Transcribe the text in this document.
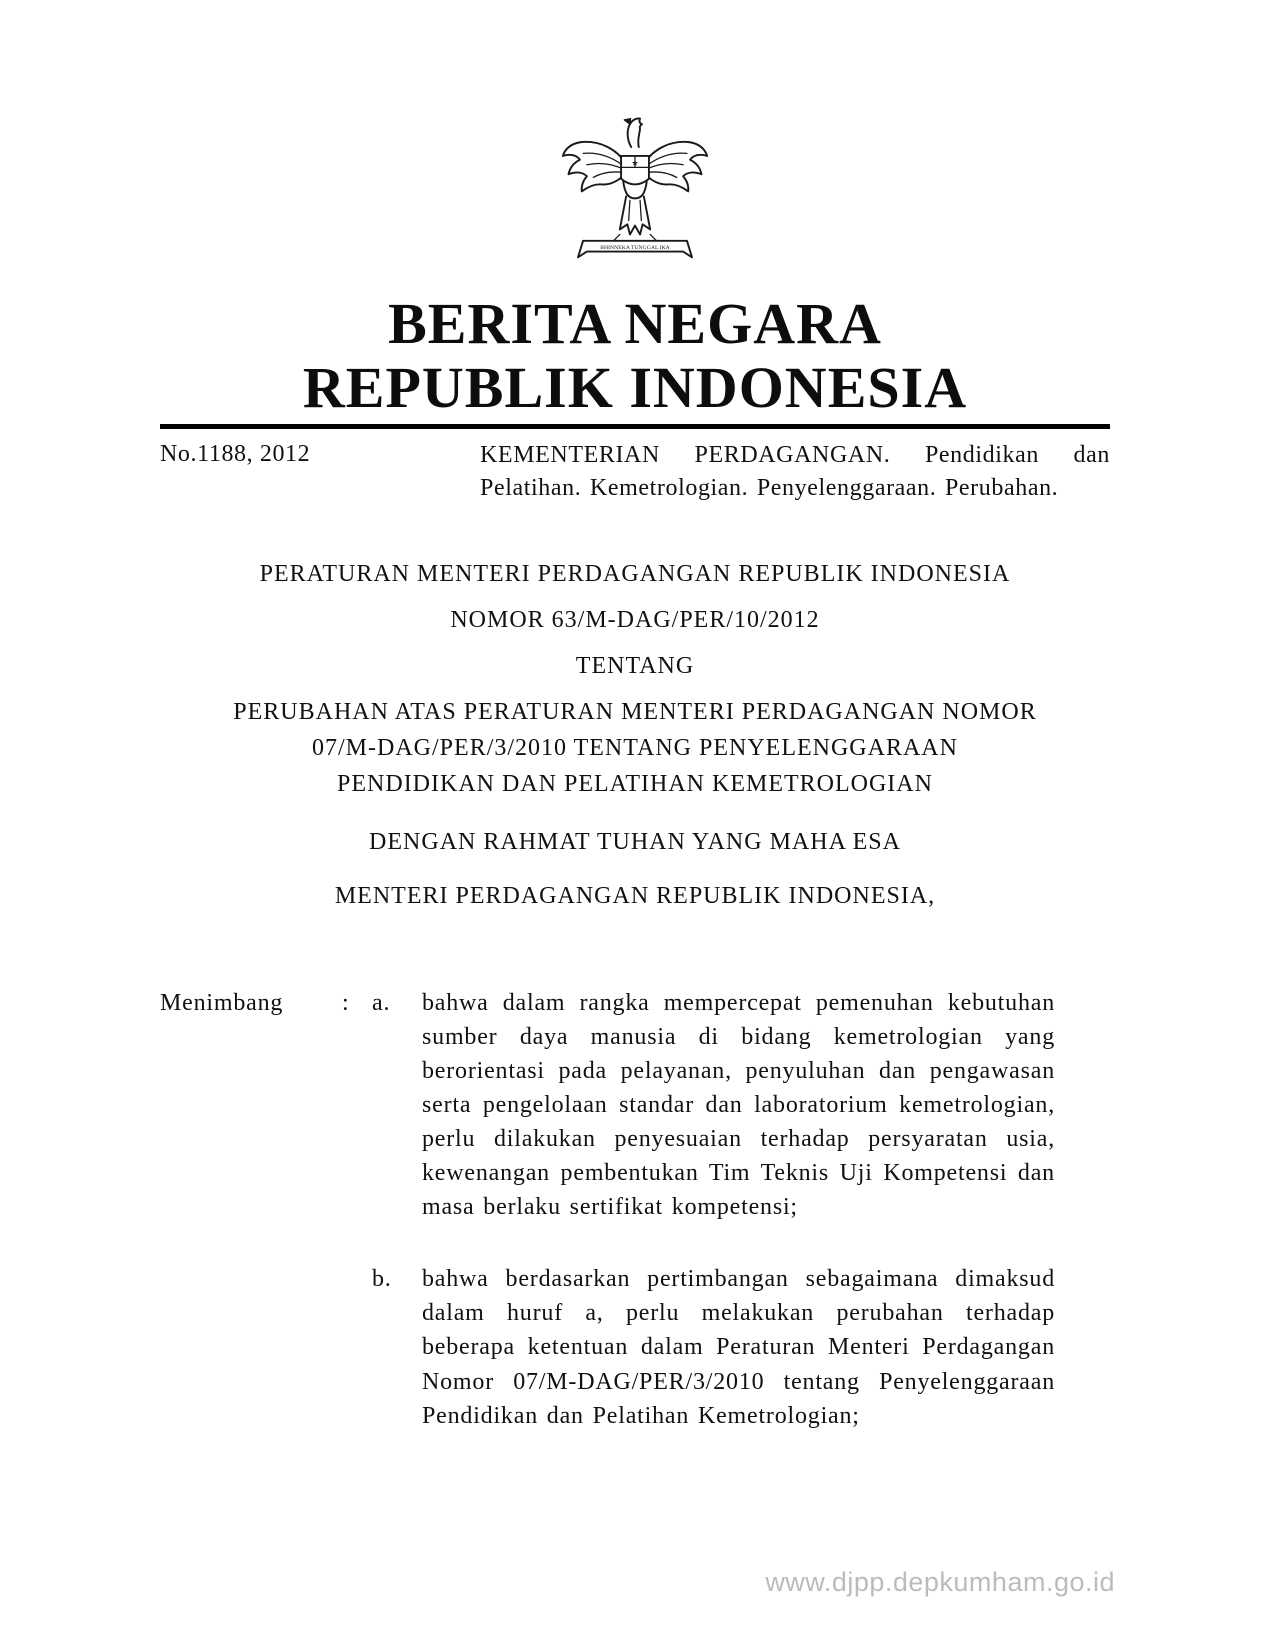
★
BHINNEKA TUNGGAL IKA
BERITA NEGARA
REPUBLIK INDONESIA
No.1188, 2012	KEMENTERIAN PERDAGANGAN. Pendidikan dan Pelatihan. Kemetrologian. Penyelenggaraan. Perubahan.
PERATURAN MENTERI PERDAGANGAN REPUBLIK INDONESIA
NOMOR 63/M-DAG/PER/10/2012
TENTANG
PERUBAHAN ATAS PERATURAN MENTERI PERDAGANGAN NOMOR
07/M-DAG/PER/3/2010 TENTANG PENYELENGGARAAN
PENDIDIKAN DAN PELATIHAN KEMETROLOGIAN
DENGAN RAHMAT TUHAN YANG MAHA ESA
MENTERI PERDAGANGAN REPUBLIK INDONESIA,
Menimbang	: a.	bahwa dalam rangka mempercepat pemenuhan kebutuhan sumber daya manusia di bidang kemetrologian yang berorientasi pada pelayanan, penyuluhan dan pengawasan serta pengelolaan standar dan laboratorium kemetrologian, perlu dilakukan penyesuaian terhadap persyaratan usia, kewenangan pembentukan Tim Teknis Uji Kompetensi dan masa berlaku sertifikat kompetensi;
b.	bahwa berdasarkan pertimbangan sebagaimana dimaksud dalam huruf a, perlu melakukan perubahan terhadap beberapa ketentuan dalam Peraturan Menteri Perdagangan Nomor 07/M-DAG/PER/3/2010 tentang Penyelenggaraan Pendidikan dan Pelatihan Kemetrologian;
www.djpp.depkumham.go.id
